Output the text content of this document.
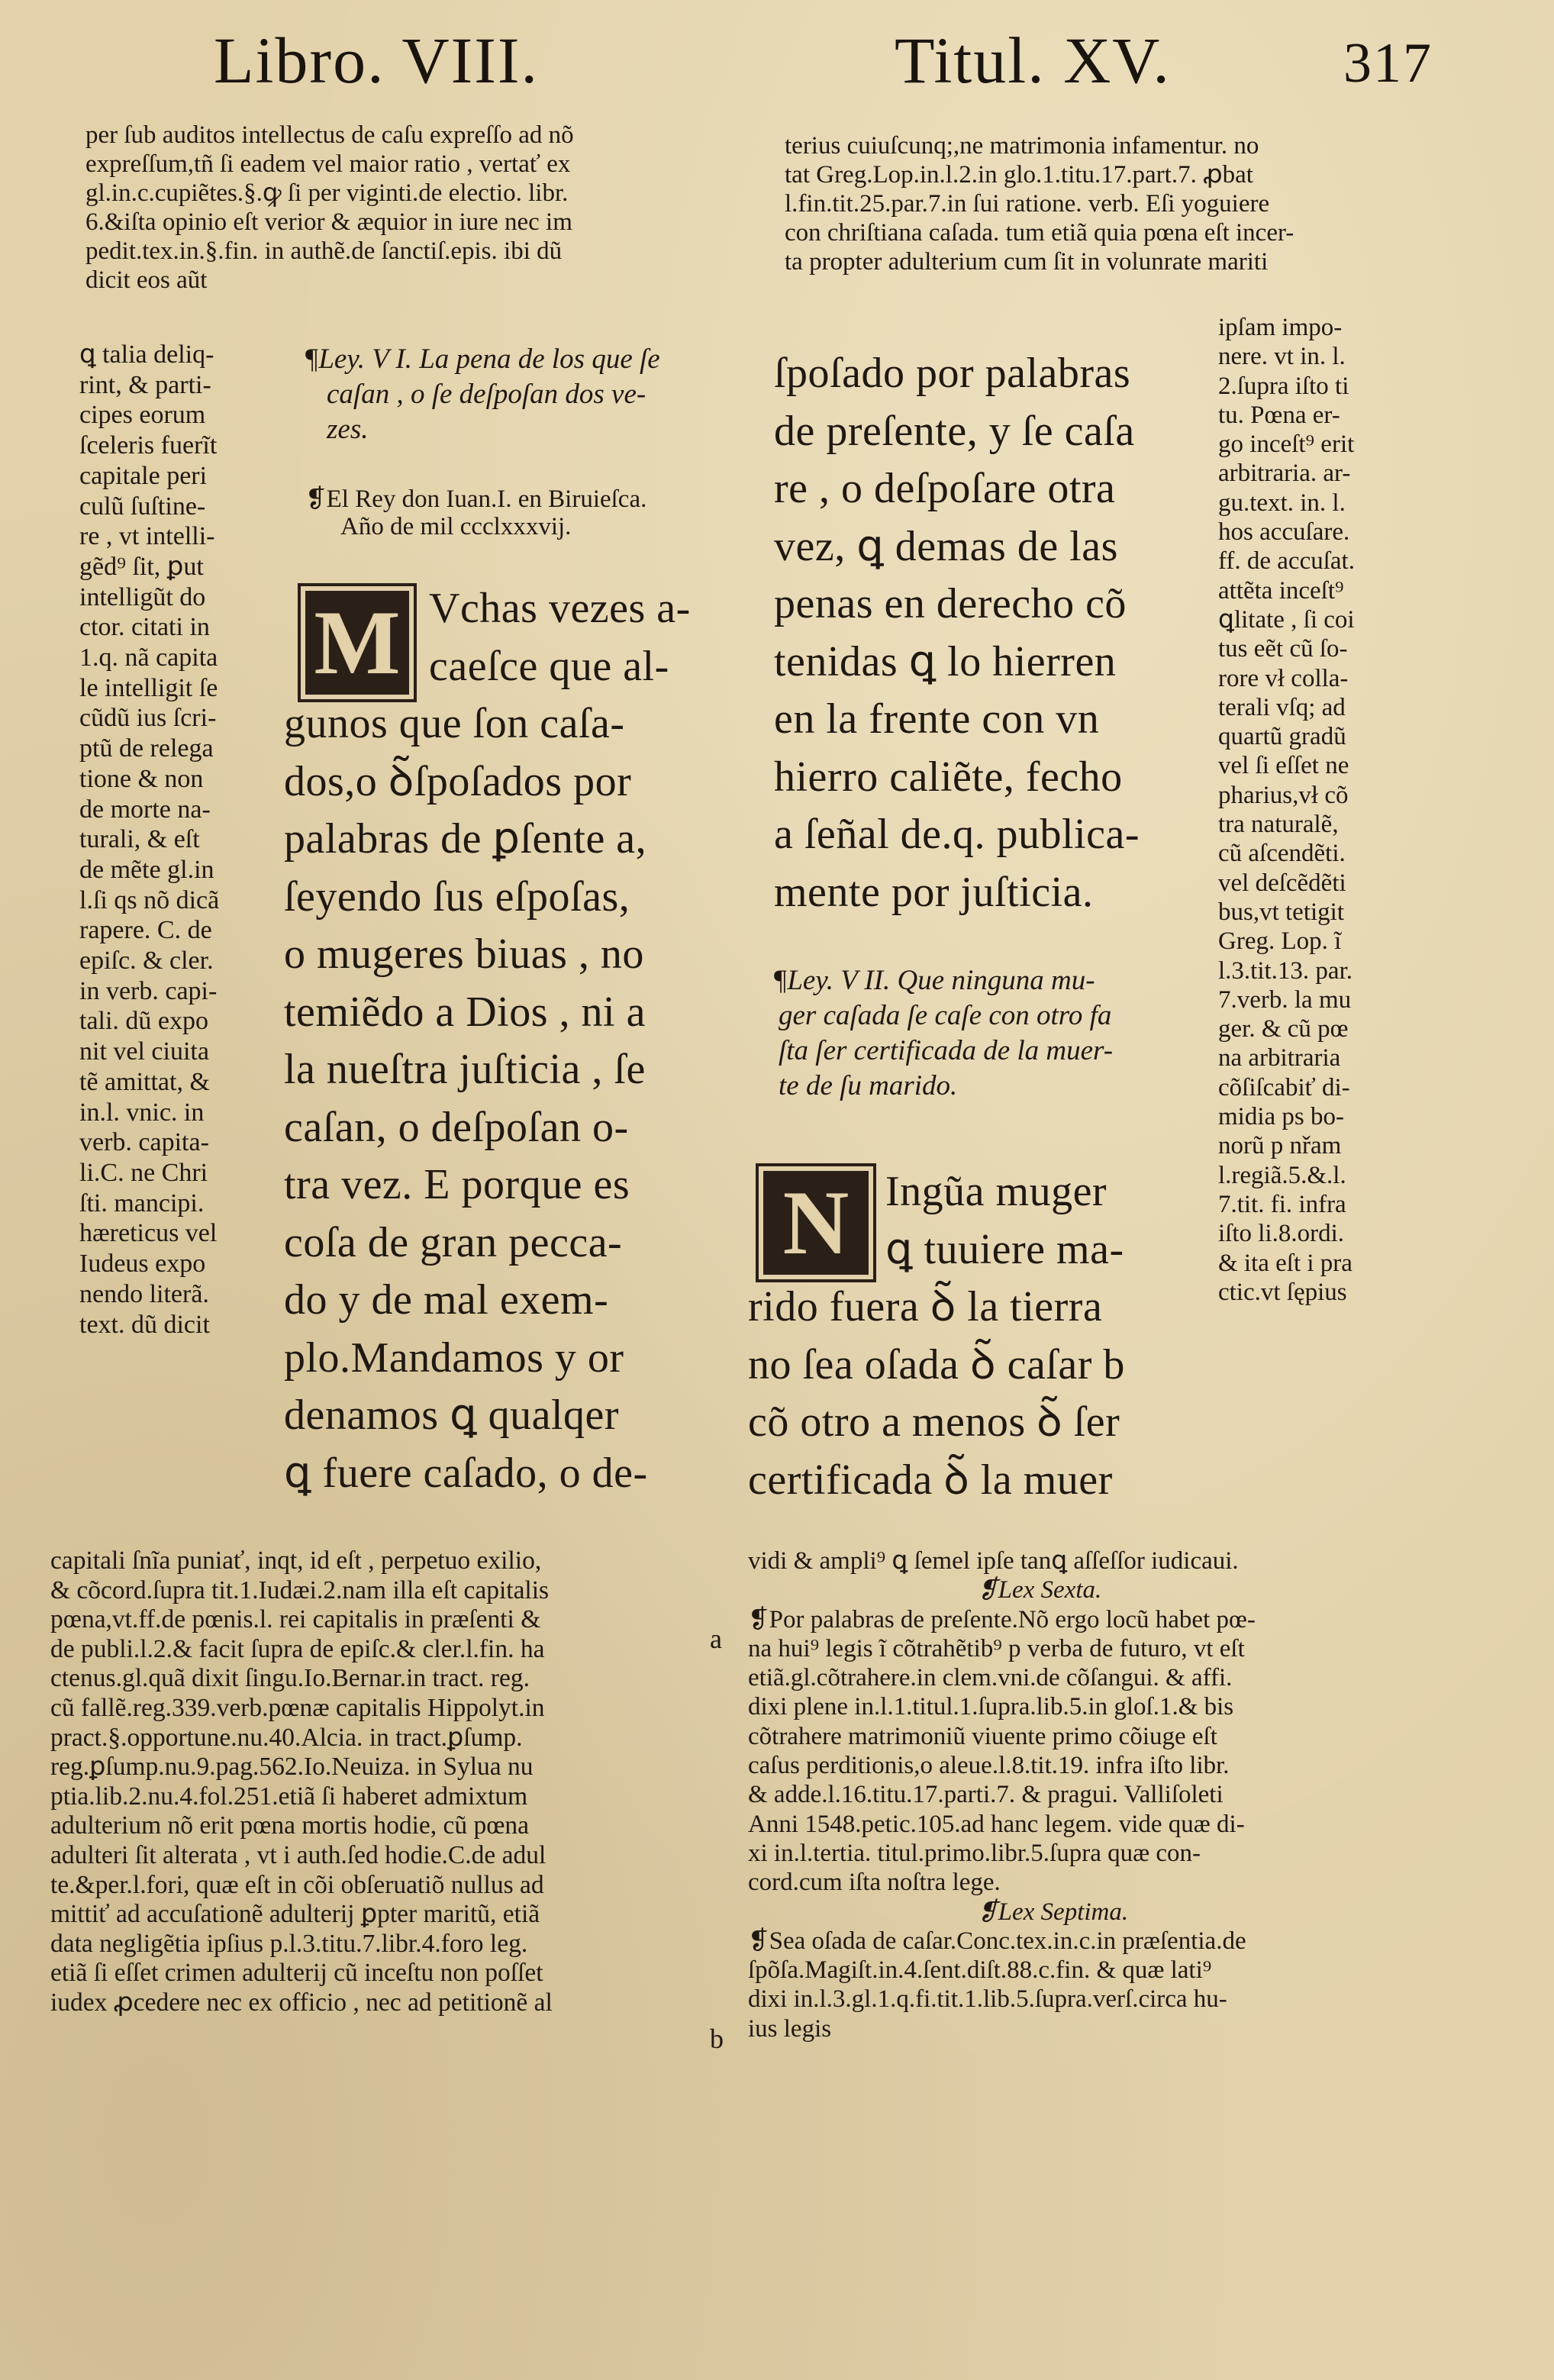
Libro. VIII.	Titul. XV.	317
per ſub auditos intellectus de caſu expreſſo ad nõ
expreſſum,tñ ſi eadem vel maior ratio , vertať ex
gl.in.c.cupiẽtes.§.ꝙ ſi per viginti.de electio. libr.
6.&iſta opinio eſt verior & æquior in iure nec im
pedit.tex.in.§.fin. in authẽ.de ſanctiſ.epis. ibi dũ
dicit eos aũt
ꝗ talia deliq-
rint, & parti-
cipes eorum
ſceleris fuerĩt
capitale peri
culũ ſuſtine-
re , vt intelli-
gẽd⁹ ſit, ꝑut
intelligũt do
ctor. citati in
1.q. nã capita
le intelligit ſe
cũdũ ius ſcri-
ptũ de relega
tione & non
de morte na-
turali, & eſt
de mẽte gl.in
l.ſi qs nõ dicã
rapere. C. de
epiſc. & cler.
in verb. capi-
tali. dũ expo
nit vel ciuita
tẽ amittat, &
in.l. vnic. in
verb. capita-
li.C. ne Chri
ſti. mancipi.
hæreticus vel
Iudeus expo
nendo literã.
text. dũ dicit
¶Ley. V I. La pena de los que ſe
caſan , o ſe deſpoſan dos ve-
zes.
❡El Rey don Iuan.I. en Biruieſca.
Año de mil ccclxxxvij.
M Vchas vezes a-
caeſce que al-
gunos que ſon caſa-
dos,o ꝺ̃ſpoſados por
palabras de ꝑſente a,
ſeyendo ſus eſpoſas,
o mugeres biuas , no
temiẽdo a Dios , ni a
la nueſtra juſticia , ſe
caſan, o deſpoſan o-
tra vez. E porque es
coſa de gran pecca-
do y de mal exem-
plo.Mandamos y or
denamos ꝗ qualqer
ꝗ fuere caſado, o de-
terius cuiuſcunq;,ne matrimonia infamentur. no
tat Greg.Lop.in.l.2.in glo.1.titu.17.part.7. ꝓbat
l.fin.tit.25.par.7.in ſui ratione. verb. Eſi yoguiere
con chriſtiana caſada. tum etiã quia pœna eſt incer-
ta propter adulterium cum ſit in volunrate mariti
ipſam impo-
nere. vt in. l.
2.ſupra iſto ti
tu. Pœna er-
go inceſt⁹ erit
arbitraria. ar-
gu.text. in. l.
hos accuſare.
ff. de accuſat.
attẽta inceſt⁹
ꝗlitate , ſi coi
tus eẽt cũ ſo-
rore vł colla-
terali vſq; ad
quartũ gradũ
vel ſi eſſet ne
pharius,vł cõ
tra naturalẽ,
cũ aſcendẽti.
vel deſcẽdẽti
bus,vt tetigit
Greg. Lop. ĩ
l.3.tit.13. par.
7.verb. la mu
ger. & cũ pœ
na arbitraria
cõſiſcabiť di-
midia ps bo-
norũ p nřam
l.regiã.5.&.l.
7.tit. fi. infra
iſto li.8.ordi.
& ita eſt i pra
ctic.vt ſępius
ſpoſado por palabras
de preſente, y ſe caſa
re , o deſpoſare otra
vez, ꝗ demas de las
penas en derecho cõ
tenidas ꝗ lo hierren
en la frente con vn
hierro caliẽte, fecho
a ſeñal de.q. publica-
mente por juſticia.
¶Ley. V II. Que ninguna mu-
ger caſada ſe caſe con otro fa
ſta ſer certificada de la muer-
te de ſu marido.
N Ingũa muger
ꝗ tuuiere ma-
rido fuera ꝺ̃ la tierra
no ſea oſada ꝺ̃ caſar b
cõ otro a menos ꝺ̃ ſer
certificada ꝺ̃ la muer
capitali ſnĩa puniať, inqt, id eſt , perpetuo exilio,
& cõcord.ſupra tit.1.Iudæi.2.nam illa eſt capitalis
pœna,vt.ff.de pœnis.l. rei capitalis in præſenti &
de publi.l.2.& facit ſupra de epiſc.& cler.l.fin. ha
ctenus.gl.quã dixit ſingu.Io.Bernar.in tract. reg.
cũ fallẽ.reg.339.verb.pœnæ capitalis Hippolyt.in
pract.§.opportune.nu.40.Alcia. in tract.ꝑſump.
reg.ꝑſump.nu.9.pag.562.Io.Neuiza. in Sylua nu
ptia.lib.2.nu.4.fol.251.etiã ſi haberet admixtum
adulterium nõ erit pœna mortis hodie, cũ pœna
adulteri ſit alterata , vt i auth.ſed hodie.C.de adul
te.&per.l.fori, quæ eſt in cõi obſeruatiõ nullus ad
mittiť ad accuſationẽ adulterij ꝑpter maritũ, etiã
data negligẽtia ipſius p.l.3.titu.7.libr.4.foro leg.
etiã ſi eſſet crimen adulterij cũ inceſtu non poſſet
iudex ꝓcedere nec ex officio , nec ad petitionẽ al
a
b
vidi & ampli⁹ ꝗ ſemel ipſe tanꝗ aſſeſſor iudicaui.
❡Lex Sexta.
❡Por palabras de preſente.Nõ ergo locũ habet pœ-
na hui⁹ legis ĩ cõtrahẽtib⁹ p verba de futuro, vt eſt
etiã.gl.cõtrahere.in clem.vni.de cõſangui. & affi.
dixi plene in.l.1.titul.1.ſupra.lib.5.in gloſ.1.& bis
cõtrahere matrimoniũ viuente primo cõiuge eſt
caſus perditionis,o aleue.l.8.tit.19. infra iſto libr.
& adde.l.16.titu.17.parti.7. & pragui. Valliſoleti
Anni 1548.petic.105.ad hanc legem. vide quæ di-
xi in.l.tertia. titul.primo.libr.5.ſupra quæ con-
cord.cum iſta noſtra lege.
❡Lex Septima.
❡Sea oſada de caſar.Conc.tex.in.c.in præſentia.de
ſpõſa.Magiſt.in.4.ſent.diſt.88.c.fin. & quæ lati⁹
dixi in.l.3.gl.1.q.fi.tit.1.lib.5.ſupra.verſ.circa hu-
ius legis
